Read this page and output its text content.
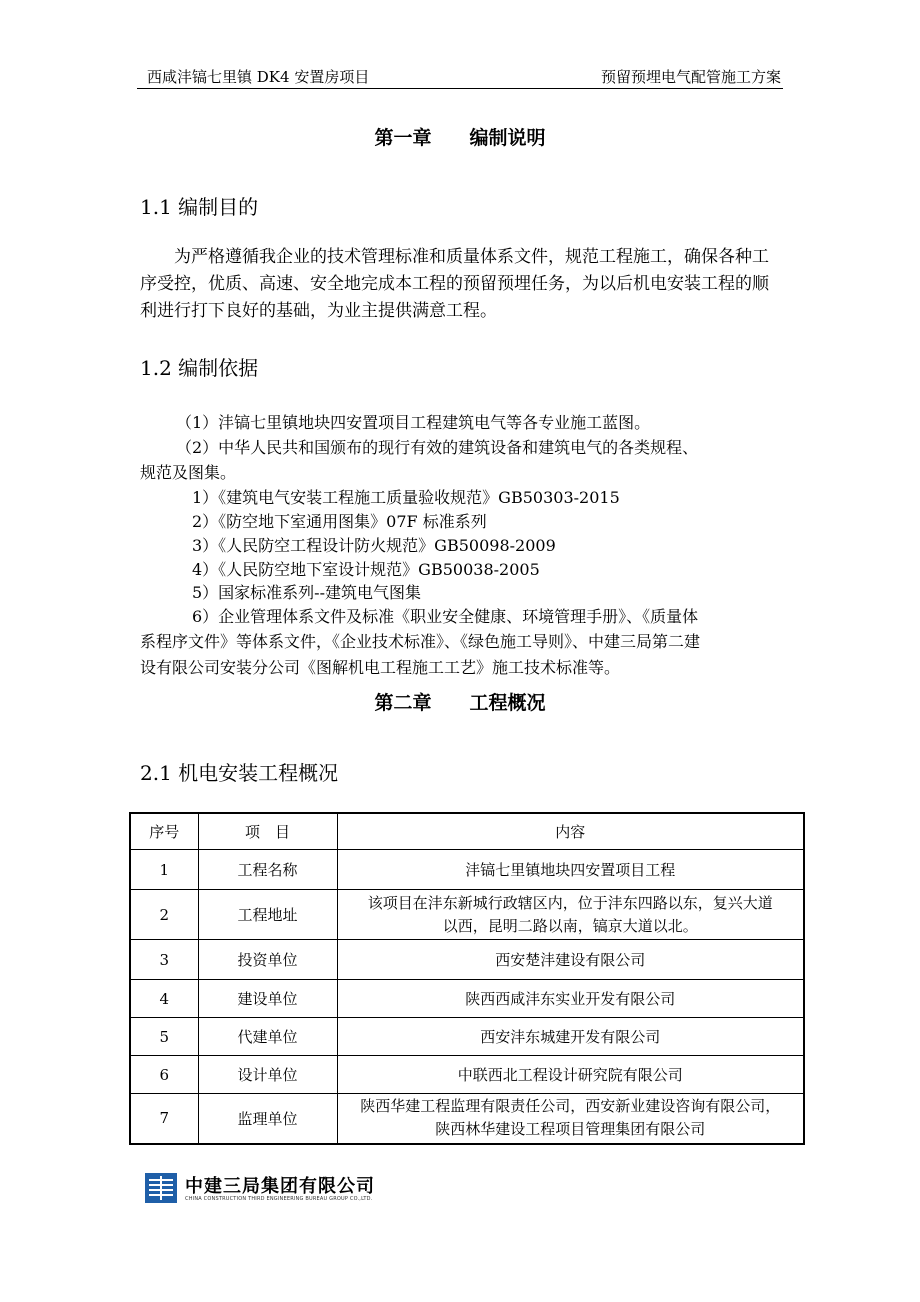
西咸沣镐七里镇 DK4 安置房项目	预留预埋电气配管施工方案
第一章 编制说明
1.1 编制目的
为严格遵循我企业的技术管理标准和质量体系文件，规范工程施工，确保各种工序受控，优质、高速、安全地完成本工程的预留预埋任务，为以后机电安装工程的顺利进行打下良好的基础，为业主提供满意工程。
1.2 编制依据
（1）沣镐七里镇地块四安置项目工程建筑电气等各专业施工蓝图。
（2）中华人民共和国颁布的现行有效的建筑设备和建筑电气的各类规程、
规范及图集。
1）《建筑电气安装工程施工质量验收规范》GB50303-2015
2）《防空地下室通用图集》07F 标准系列
3）《人民防空工程设计防火规范》GB50098-2009
4）《人民防空地下室设计规范》GB50038-2005
5）国家标准系列--建筑电气图集
6）企业管理体系文件及标准《职业安全健康、环境管理手册》、《质量体
系程序文件》等体系文件，《企业技术标准》、《绿色施工导则》、中建三局第二建
设有限公司安装分公司《图解机电工程施工工艺》施工技术标准等。
第二章 工程概况
2.1 机电安装工程概况
序号	项　目	内容
1	工程名称	沣镐七里镇地块四安置项目工程
2	工程地址	该项目在沣东新城行政辖区内，位于沣东四路以东，复兴大道
以西，昆明二路以南，镐京大道以北。

3	投资单位	西安楚沣建设有限公司
4	建设单位	陕西西咸沣东实业开发有限公司
5	代建单位	西安沣东城建开发有限公司
6	设计单位	中联西北工程设计研究院有限公司
7	监理单位	陕西华建工程监理有限责任公司，西安新业建设咨询有限公司，
陕西林华建设工程项目管理集团有限公司
中建三局集团有限公司
CHINA CONSTRUCTION THIRD ENGINEERING BUREAU GROUP CO.,LTD.
